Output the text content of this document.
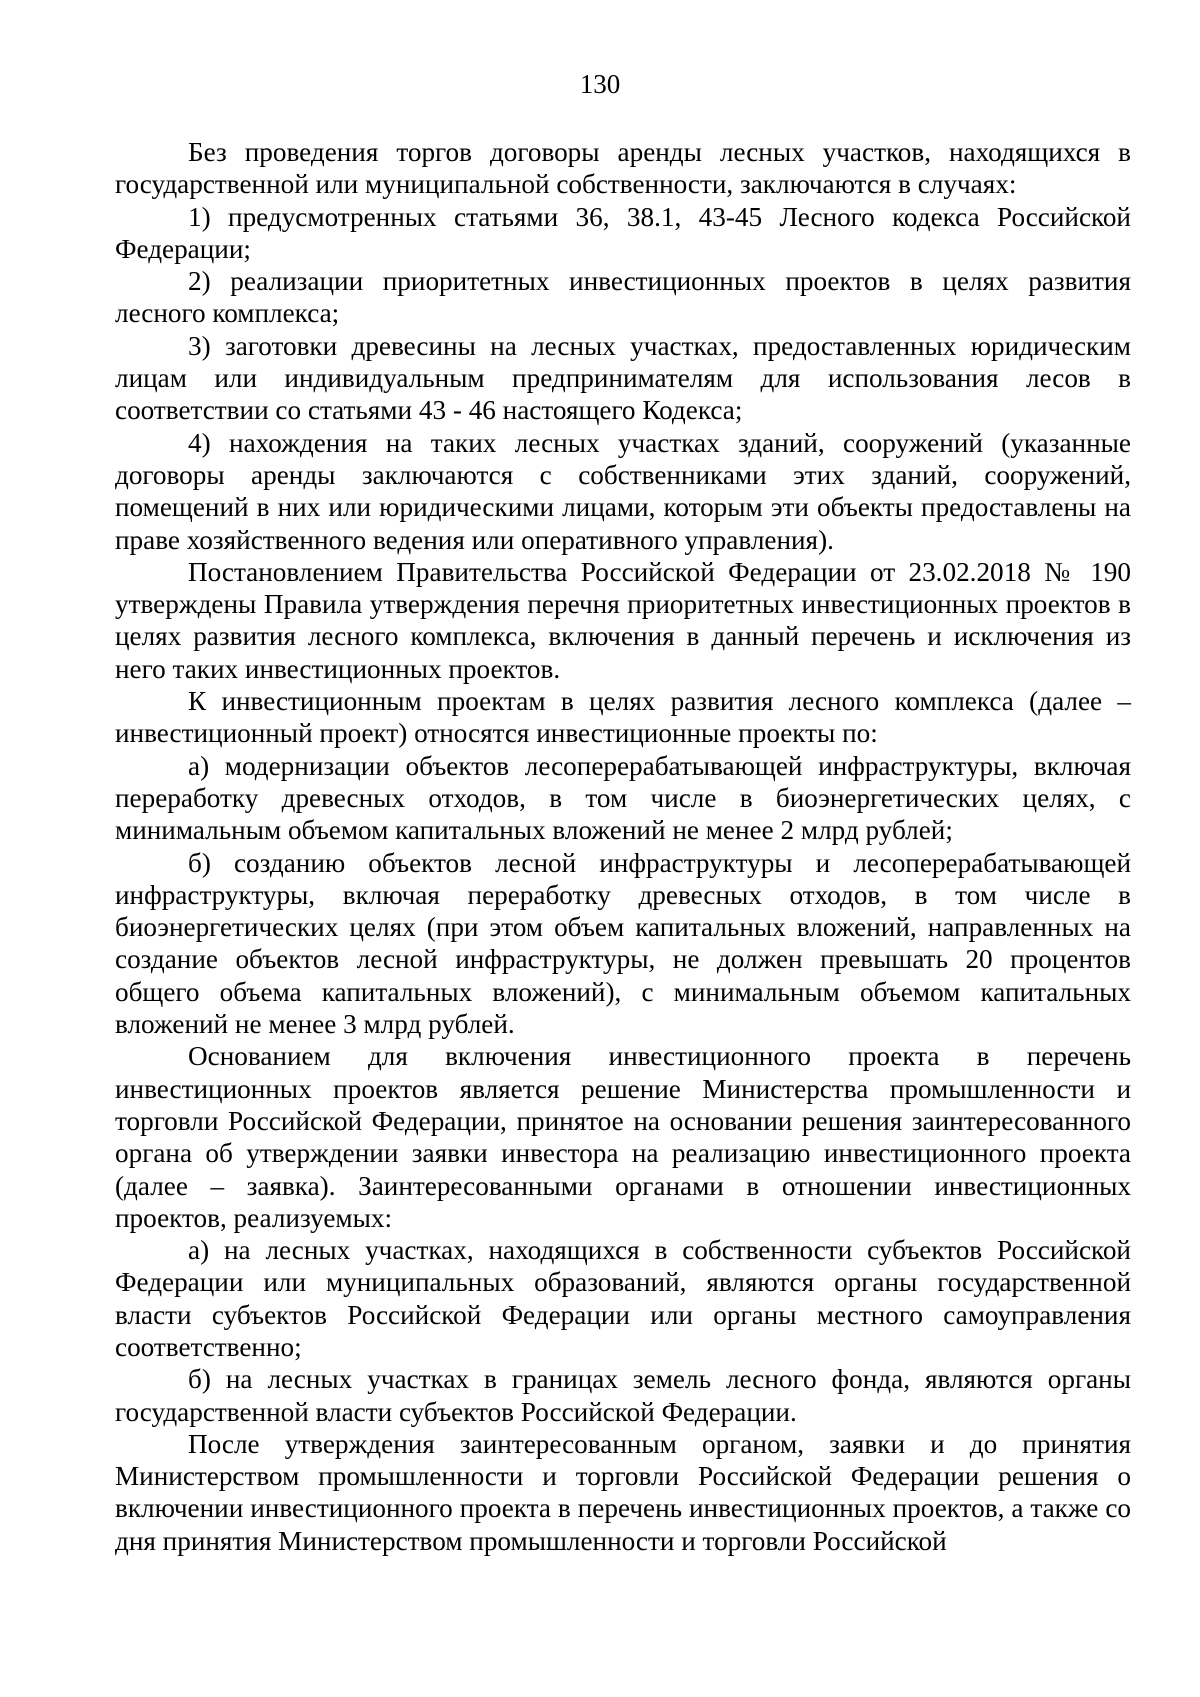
130

Без проведения торгов договоры аренды лесных участков, находящихся в государственной или муниципальной собственности, заключаются в случаях:

1) предусмотренных статьями 36, 38.1, 43-45 Лесного кодекса Российской Федерации;

2) реализации приоритетных инвестиционных проектов в целях развития лесного комплекса;

3) заготовки древесины на лесных участках, предоставленных юридическим лицам или индивидуальным предпринимателям для использования лесов в соответствии со статьями 43 - 46 настоящего Кодекса;

4) нахождения на таких лесных участках зданий, сооружений (указанные договоры аренды заключаются с собственниками этих зданий, сооружений, помещений в них или юридическими лицами, которым эти объекты предоставлены на праве хозяйственного ведения или оперативного управления).

Постановлением Правительства Российской Федерации от 23.02.2018 № 190 утверждены Правила утверждения перечня приоритетных инвестиционных проектов в целях развития лесного комплекса, включения в данный перечень и исключения из него таких инвестиционных проектов.

К инвестиционным проектам в целях развития лесного комплекса (далее – инвестиционный проект) относятся инвестиционные проекты по:

а) модернизации объектов лесоперерабатывающей инфраструктуры, включая переработку древесных отходов, в том числе в биоэнергетических целях, с минимальным объемом капитальных вложений не менее 2 млрд рублей;

б) созданию объектов лесной инфраструктуры и лесоперерабатывающей инфраструктуры, включая переработку древесных отходов, в том числе в биоэнергетических целях (при этом объем капитальных вложений, направленных на создание объектов лесной инфраструктуры, не должен превышать 20 процентов общего объема капитальных вложений), с минимальным объемом капитальных вложений не менее 3 млрд рублей.

Основанием для включения инвестиционного проекта в перечень инвестиционных проектов является решение Министерства промышленности и торговли Российской Федерации, принятое на основании решения заинтересованного органа об утверждении заявки инвестора на реализацию инвестиционного проекта (далее – заявка). Заинтересованными органами в отношении инвестиционных проектов, реализуемых:

а) на лесных участках, находящихся в собственности субъектов Российской Федерации или муниципальных образований, являются органы государственной власти субъектов Российской Федерации или органы местного самоуправления соответственно;

б) на лесных участках в границах земель лесного фонда, являются органы государственной власти субъектов Российской Федерации.

После утверждения заинтересованным органом, заявки и до принятия Министерством промышленности и торговли Российской Федерации решения о включении инвестиционного проекта в перечень инвестиционных проектов, а также со дня принятия Министерством промышленности и торговли Российской
